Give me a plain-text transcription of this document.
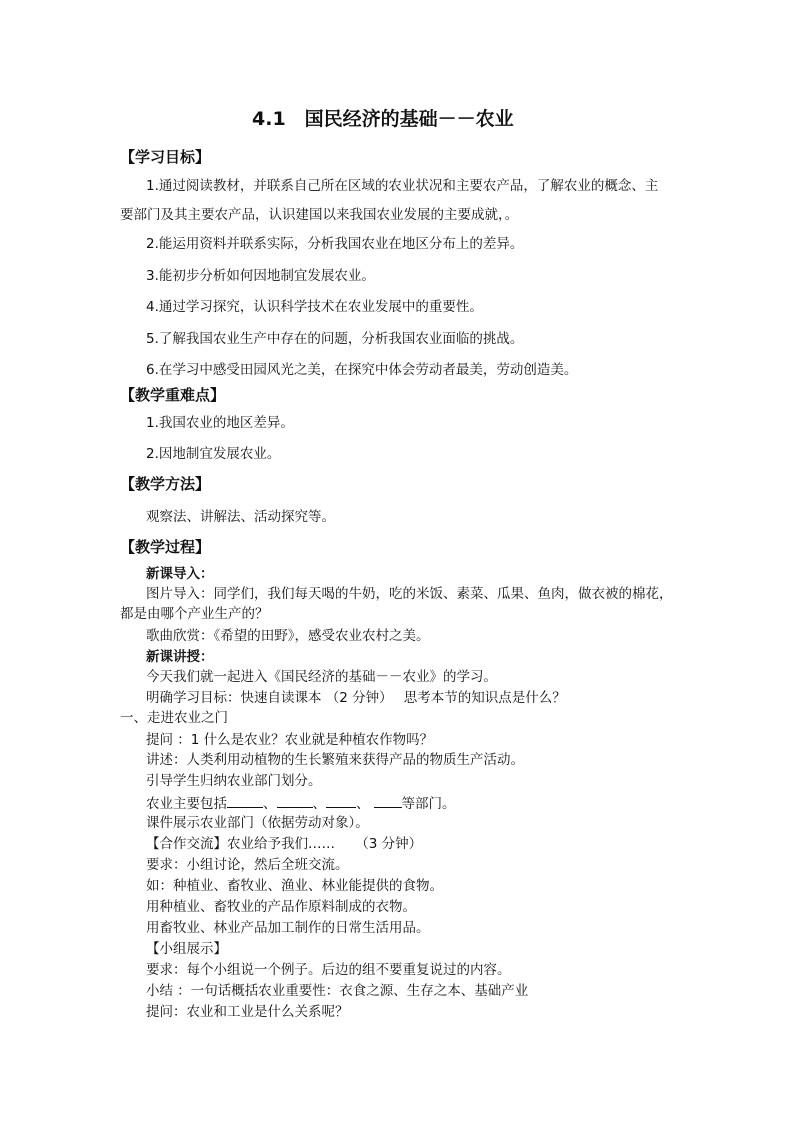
4.1　国民经济的基础－－农业
【学习目标】
1.通过阅读教材，并联系自己所在区域的农业状况和主要农产品，了解农业的概念、主
要部门及其主要农产品，认识建国以来我国农业发展的主要成就，。
2.能运用资料并联系实际，分析我国农业在地区分布上的差异。
3.能初步分析如何因地制宜发展农业。
4.通过学习探究，认识科学技术在农业发展中的重要性。
5.了解我国农业生产中存在的问题，分析我国农业面临的挑战。
6.在学习中感受田园风光之美，在探究中体会劳动者最美，劳动创造美。
【教学重难点】
1.我国农业的地区差异。
2.因地制宜发展农业。
【教学方法】
观察法、讲解法、活动探究等。
【教学过程】
新课导入：
图片导入：同学们，我们每天喝的牛奶，吃的米饭、素菜、瓜果、鱼肉，做衣被的棉花，
都是由哪个产业生产的？
歌曲欣赏：《希望的田野》，感受农业农村之美。
新课讲授：
今天我们就一起进入《国民经济的基础－－农业》的学习。
明确学习目标：快速自读课本 （2 分钟）　 思考本节的知识点是什么？
一、走进农业之门
提问 ：1 什么是农业？农业就是种植农作物吗？
讲述：人类利用动植物的生长繁殖来获得产品的物质生产活动。
引导学生归纳农业部门划分。
农业主要包括	、	、 、 等部门。
课件展示农业部门（依据劳动对象）。
【合作交流】农业给予我们……　　（3 分钟）
要求：小组讨论，然后全班交流。
如：种植业、畜牧业、渔业、林业能提供的食物。
用种植业、畜牧业的产品作原料制成的衣物。
用畜牧业、林业产品加工制作的日常生活用品。
【小组展示】
要求：每个小组说一个例子。后边的组不要重复说过的内容。
小结 ：一句话概括农业重要性：衣食之源、生存之本、基础产业
提问：农业和工业是什么关系呢？
